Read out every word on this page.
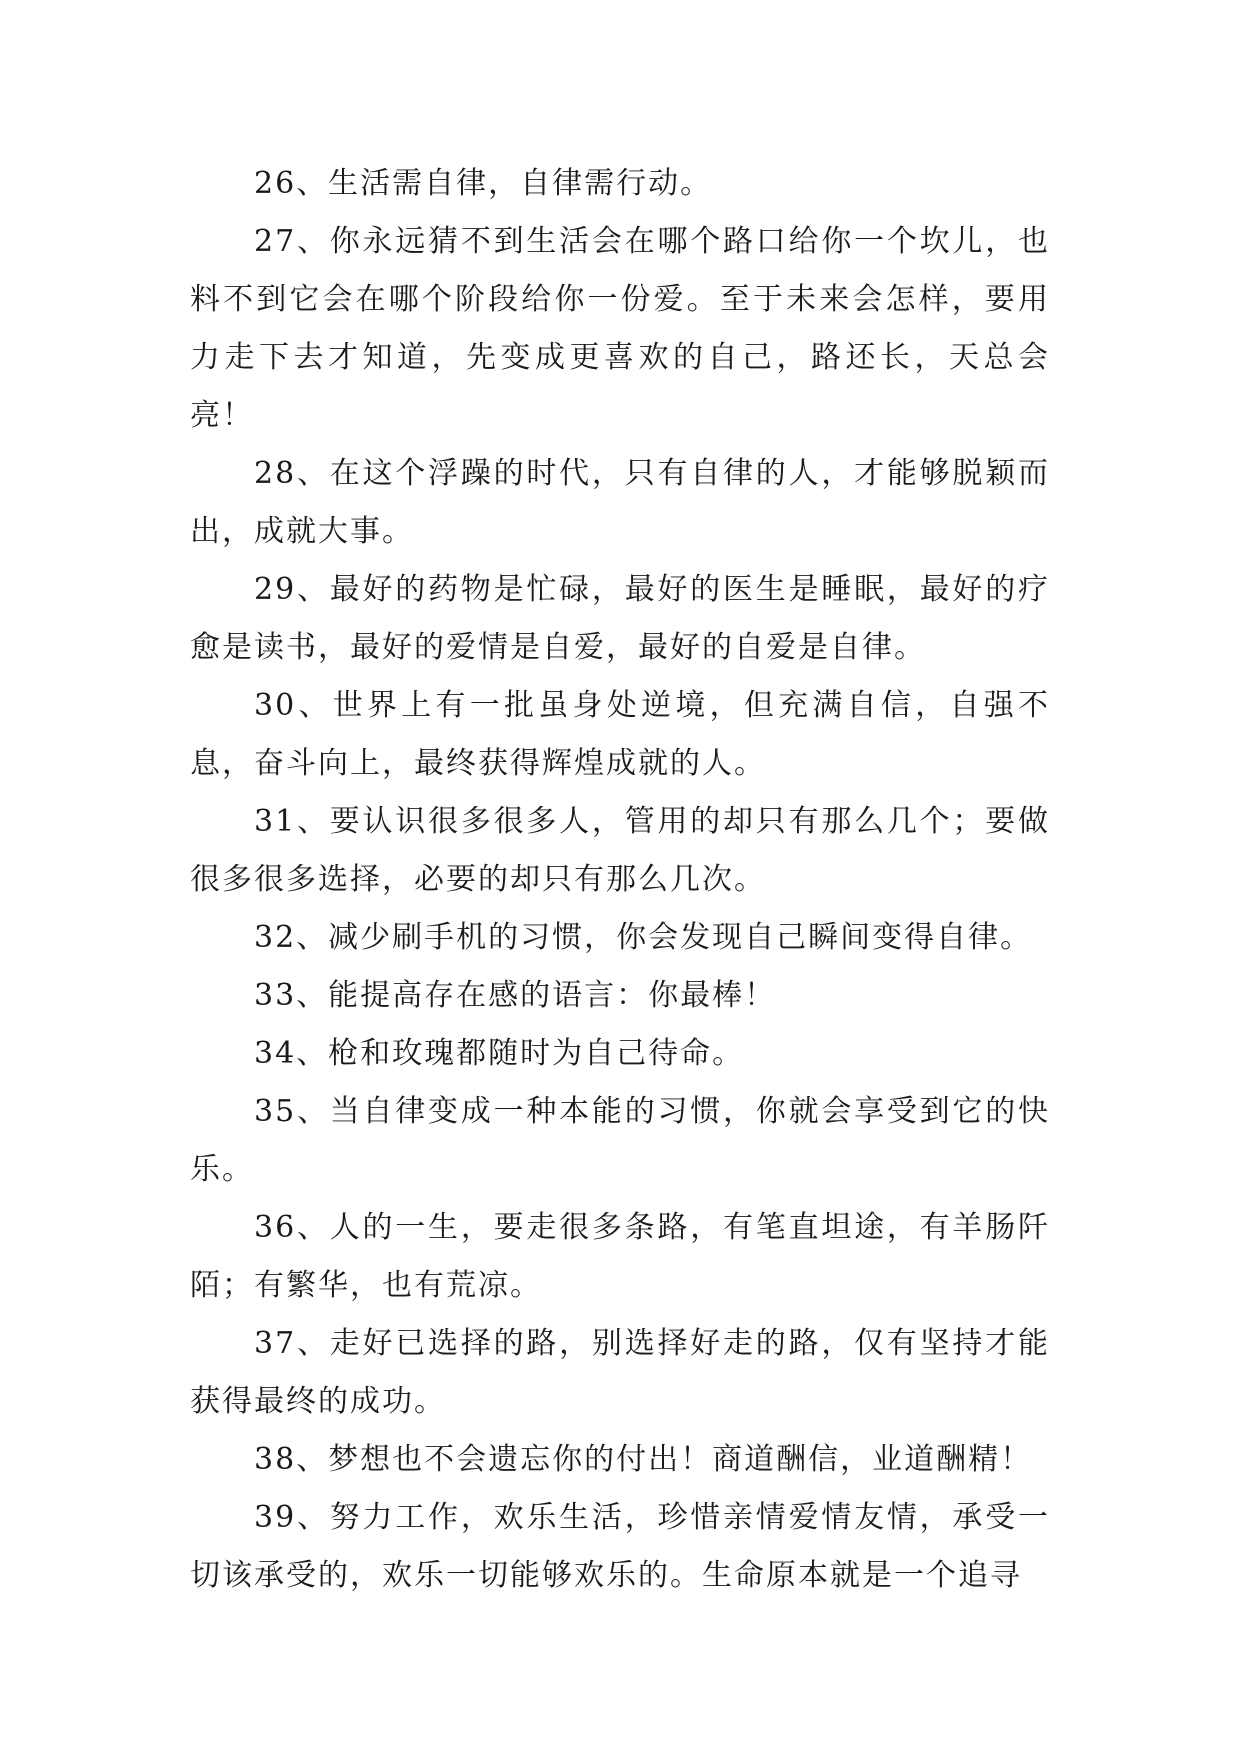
26、生活需自律，自律需行动。

27、你永远猜不到生活会在哪个路口给你一个坎儿，也料不到它会在哪个阶段给你一份爱。至于未来会怎样，要用力走下去才知道，先变成更喜欢的自己，路还长，天总会亮！

28、在这个浮躁的时代，只有自律的人，才能够脱颖而出，成就大事。

29、最好的药物是忙碌，最好的医生是睡眠，最好的疗愈是读书，最好的爱情是自爱，最好的自爱是自律。

30、世界上有一批虽身处逆境，但充满自信，自强不息，奋斗向上，最终获得辉煌成就的人。

31、要认识很多很多人，管用的却只有那么几个；要做很多很多选择，必要的却只有那么几次。

32、减少刷手机的习惯，你会发现自己瞬间变得自律。

33、能提高存在感的语言：你最棒！

34、枪和玫瑰都随时为自己待命。

35、当自律变成一种本能的习惯，你就会享受到它的快乐。

36、人的一生，要走很多条路，有笔直坦途，有羊肠阡陌；有繁华，也有荒凉。

37、走好已选择的路，别选择好走的路，仅有坚持才能获得最终的成功。

38、梦想也不会遗忘你的付出！商道酬信，业道酬精！

39、努力工作，欢乐生活，珍惜亲情爱情友情，承受一切该承受的，欢乐一切能够欢乐的。生命原本就是一个追寻
